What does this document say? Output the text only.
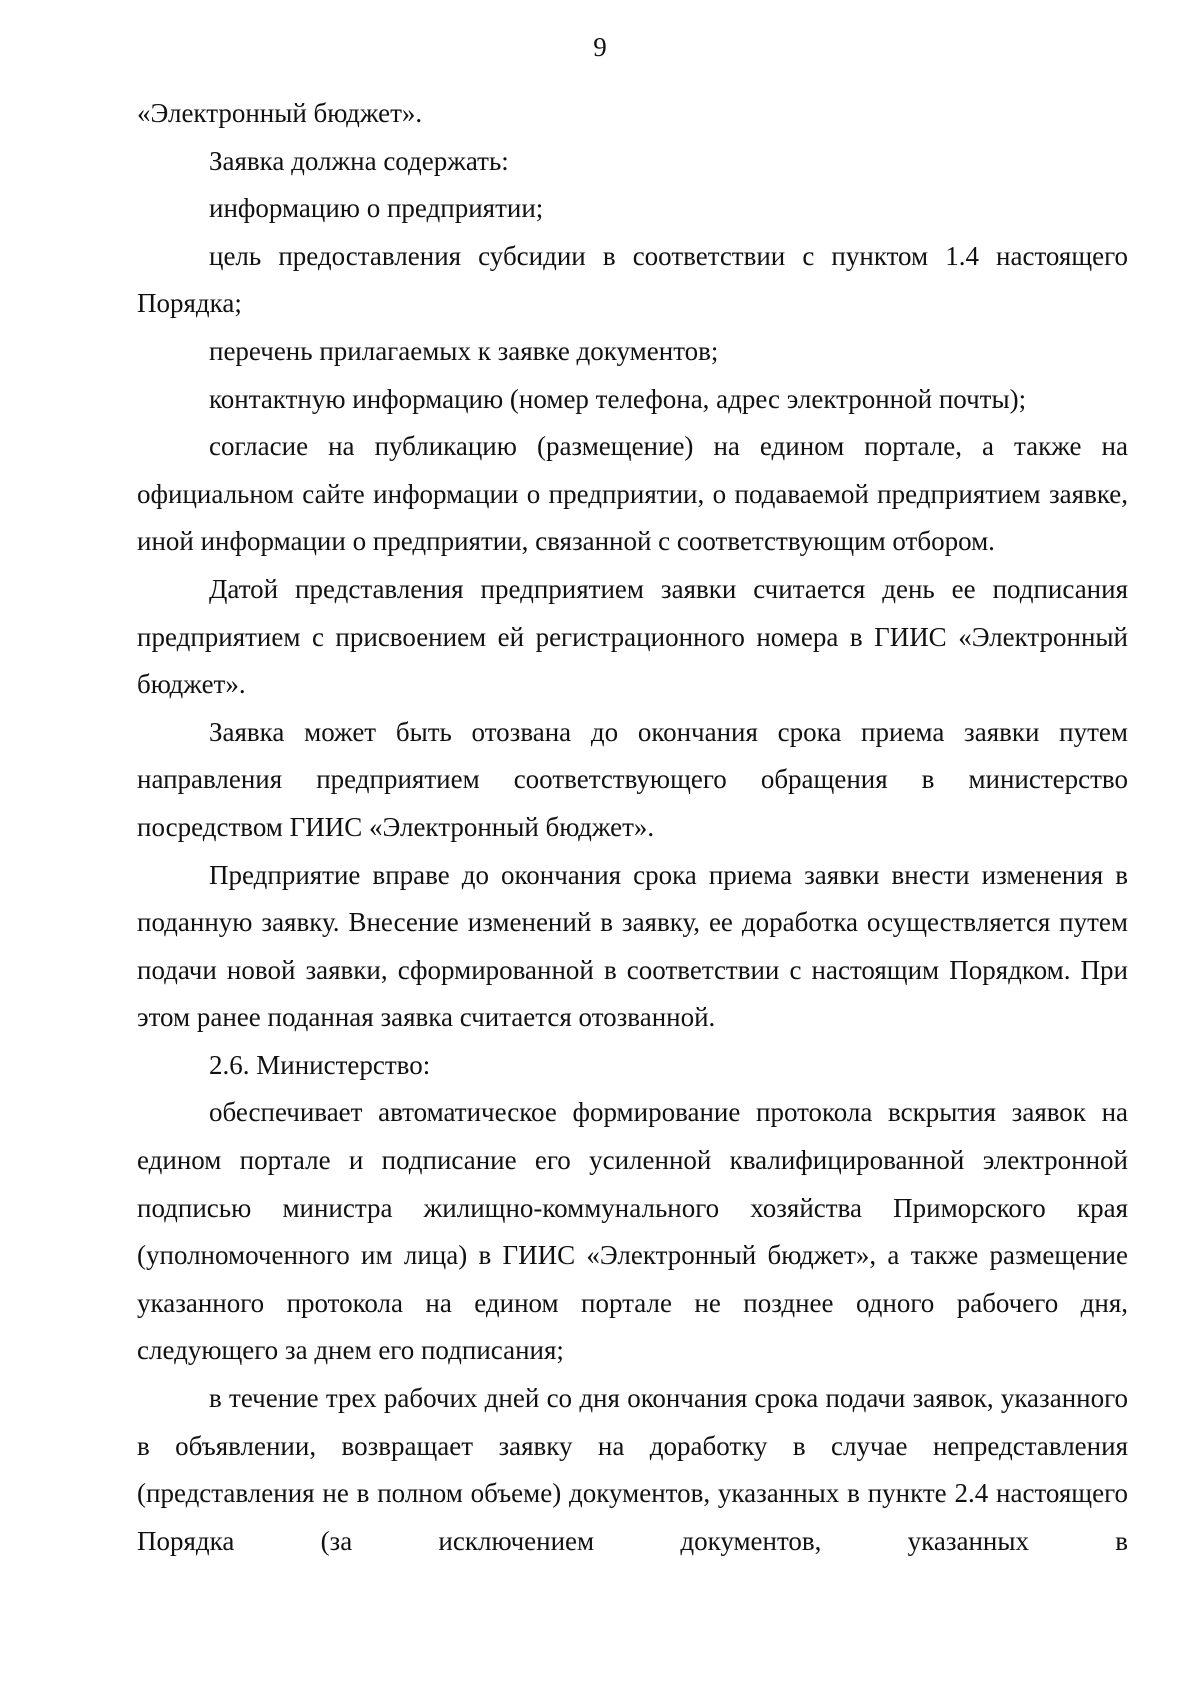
9

«Электронный бюджет».

Заявка должна содержать:

информацию о предприятии;

цель предоставления субсидии в соответствии с пунктом 1.4 настоящего Порядка;

перечень прилагаемых к заявке документов;

контактную информацию (номер телефона, адрес электронной почты);

согласие на публикацию (размещение) на едином портале, а также на официальном сайте информации о предприятии, о подаваемой предприятием заявке, иной информации о предприятии, связанной с соответствующим отбором.

Датой представления предприятием заявки считается день ее подписания предприятием с присвоением ей регистрационного номера в ГИИС «Электронный бюджет».

Заявка может быть отозвана до окончания срока приема заявки путем направления предприятием соответствующего обращения в министерство посредством ГИИС «Электронный бюджет».

Предприятие вправе до окончания срока приема заявки внести изменения в поданную заявку. Внесение изменений в заявку, ее доработка осуществляется путем подачи новой заявки, сформированной в соответствии с настоящим Порядком. При этом ранее поданная заявка считается отозванной.

2.6. Министерство:

обеспечивает автоматическое формирование протокола вскрытия заявок на едином портале и подписание его усиленной квалифицированной электронной подписью министра жилищно-коммунального хозяйства Приморского края (уполномоченного им лица) в ГИИС «Электронный бюджет», а также размещение указанного протокола на едином портале не позднее одного рабочего дня, следующего за днем его подписания;

в течение трех рабочих дней со дня окончания срока подачи заявок, указанного в объявлении, возвращает заявку на доработку в случае непредставления (представления не в полном объеме) документов, указанных в пункте 2.4 настоящего Порядка (за исключением документов, указанных в
